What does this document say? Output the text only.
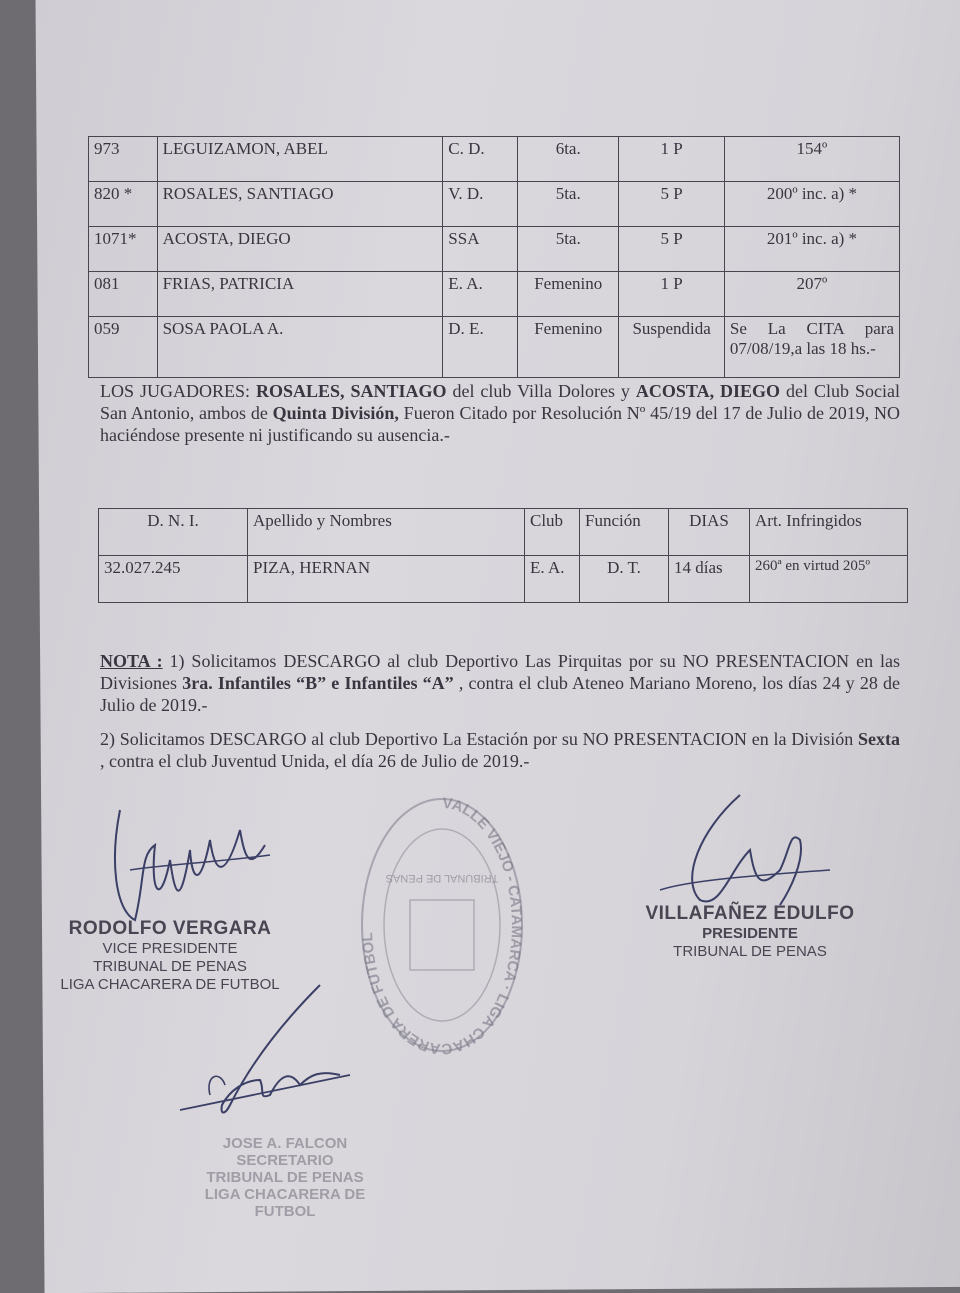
973	LEGUIZAMON, ABEL	C. D.	6ta.	1 P	154º
820 *	ROSALES, SANTIAGO	V. D.	5ta.	5 P	200º inc. a) *
1071*	ACOSTA, DIEGO	SSA	5ta.	5 P	201º inc. a) *
081	FRIAS, PATRICIA	E. A.	Femenino	1 P	207º
059	SOSA PAOLA A.	D. E.	Femenino	Suspendida	Se La CITA para 07/08/19,a las 18 hs.-
LOS JUGADORES: ROSALES, SANTIAGO del club Villa Dolores y ACOSTA, DIEGO del Club Social San Antonio, ambos de Quinta División, Fueron Citado por Resolución Nº 45/19 del 17 de Julio de 2019, NO haciéndose presente ni justificando su ausencia.-
D. N. I.	Apellido y Nombres	Club	Función	DIAS	Art. Infringidos
32.027.245	PIZA, HERNAN	E. A.	D. T.	14 días	260ª en virtud 205º
NOTA : 1) Solicitamos DESCARGO al club Deportivo Las Pirquitas por su NO PRESENTACION en las Divisiones 3ra. Infantiles “B” e Infantiles “A” , contra el club Ateneo Mariano Moreno, los días 24 y 28 de Julio de 2019.-
2) Solicitamos DESCARGO al club Deportivo La Estación por su NO PRESENTACION en la División Sexta , contra el club Juventud Unida, el día 26 de Julio de 2019.-
VALLE VIEJO - CATAMARCA · LIGA CHACARERA DE FUTBOL
TRIBUNAL DE PENAS
RODOLFO VERGARA
VICE PRESIDENTE
TRIBUNAL DE PENAS
LIGA CHACARERA DE FUTBOL
VILLAFAÑEZ EDULFO
PRESIDENTE
TRIBUNAL DE PENAS
JOSE A. FALCON
SECRETARIO
TRIBUNAL DE PENAS
LIGA CHACARERA DE FUTBOL
